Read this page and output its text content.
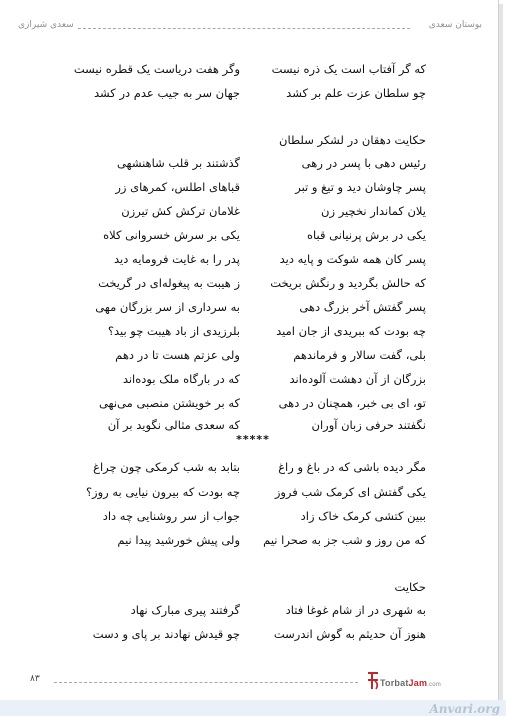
بوستان سعدی
سعدی شیرازی
که گر آفتاب است یک ذره نیست
وگر هفت دریاست یک قطره نیست
چو سلطان عزت علم بر کشد
جهان سر به جیب عدم در کشد
حکایت دهقان در لشکر سلطان
رئیس دهی با پسر در رهی
گذشتند بر قلب شاهنشهی
پسر چاوشان دید و تیغ و تبر
قباهای اطلس، کمرهای زر
یلان کماندار نخچیر زن
غلامان ترکش کش تیرزن
یکی در برش پرنیانی قباه
یکی بر سرش خسروانی کلاه
پسر کان همه شوکت و پایه دید
پدر را به غایت فرومایه دید
که حالش بگردید و رنگش بریخت
ز هیبت به پیغوله‌ای در گریخت
پسر گفتش آخر بزرگ دهی
به سرداری از سر بزرگان مهی
چه بودت که ببریدی از جان امید
بلرزیدی از باد هیبت چو بید؟
بلی، گفت سالار و فرماندهم
ولی عزتم هست تا در دهم
بزرگان از آن دهشت آلوده‌اند
که در بارگاه ملک بوده‌اند
تو، ای بی خبر، همچنان در دهی
که بر خویشتن منصبی می‌نهی
نگفتند حرفی زبان آوران
که سعدی مثالی نگوید بر آن
*****
مگر دیده باشی که در باغ و راغ
بتابد به شب کرمکی چون چراغ
یکی گفتش ای کرمک شب فروز
چه بودت که بیرون نیایی به روز؟
ببین کتشی کرمک خاک زاد
جواب از سر روشنایی چه داد
که من روز و شب جز به صحرا نیم
ولی پیش خورشید پیدا نیم
حکایت
به شهری در از شام غوغا فتاد
گرفتند پیری مبارک نهاد
هنوز آن حدیثم به گوش اندرست
چو قیدش نهادند بر پای و دست
۸۳	TorbatJam.com
Anvari.org
